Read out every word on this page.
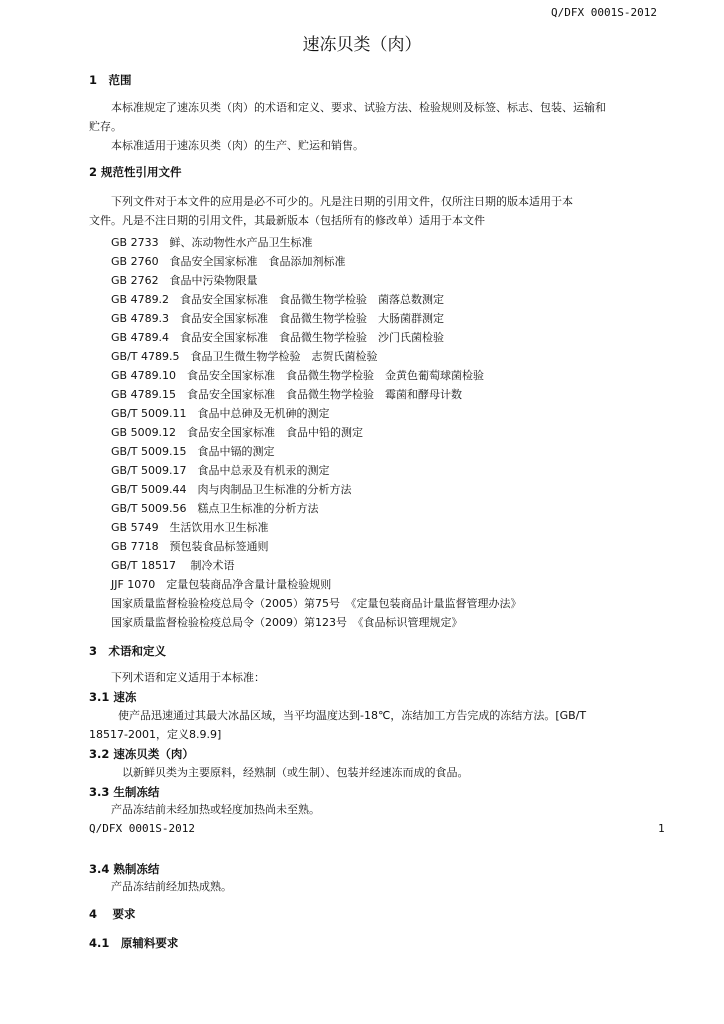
Q/DFX 0001S-2012
速冻贝类（肉）
1　范围
本标准规定了速冻贝类（肉）的术语和定义、要求、试验方法、检验规则及标签、标志、包装、运输和
贮存。
本标准适用于速冻贝类（肉）的生产、贮运和销售。
2 规范性引用文件
下列文件对于本文件的应用是必不可少的。凡是注日期的引用文件，仅所注日期的版本适用于本
文件。凡是不注日期的引用文件，其最新版本（包括所有的修改单）适用于本文件
GB 2733　鲜、冻动物性水产品卫生标准
GB 2760　食品安全国家标准　食品添加剂标准
GB 2762　食品中污染物限量
GB 4789.2　食品安全国家标准　食品微生物学检验　菌落总数测定
GB 4789.3　食品安全国家标准　食品微生物学检验　大肠菌群测定
GB 4789.4　食品安全国家标准　食品微生物学检验　沙门氏菌检验
GB/T 4789.5　食品卫生微生物学检验　志贺氏菌检验
GB 4789.10　食品安全国家标准　食品微生物学检验　金黄色葡萄球菌检验
GB 4789.15　食品安全国家标准　食品微生物学检验　霉菌和酵母计数
GB/T 5009.11　食品中总砷及无机砷的测定
GB 5009.12　食品安全国家标准　食品中铅的测定
GB/T 5009.15　食品中镉的测定
GB/T 5009.17　食品中总汞及有机汞的测定
GB/T 5009.44　肉与肉制品卫生标准的分析方法
GB/T 5009.56　糕点卫生标准的分析方法
GB 5749　生活饮用水卫生标准
GB 7718　预包装食品标签通则
GB/T 18517　 制冷术语
JJF 1070　定量包装商品净含量计量检验规则
国家质量监督检验检疫总局令（2005）第75号　《定量包装商品计量监督管理办法》
国家质量监督检验检疫总局令（2009）第123号　《食品标识管理规定》
3　术语和定义
下列术语和定义适用于本标准：
3.1 速冻
使产品迅速通过其最大冰晶区域，当平均温度达到-18℃，冻结加工方告完成的冻结方法。[GB/T
18517-2001，定义8.9.9]
3.2 速冻贝类（肉）
以新鲜贝类为主要原料，经熟制（或生制）、包装并经速冻而成的食品。
3.3 生制冻结
产品冻结前未经加热或轻度加热尚未至熟。
Q/DFX 0001S-2012	1
3.4 熟制冻结
产品冻结前经加热成熟。
4　 要求
4.1　原辅料要求
